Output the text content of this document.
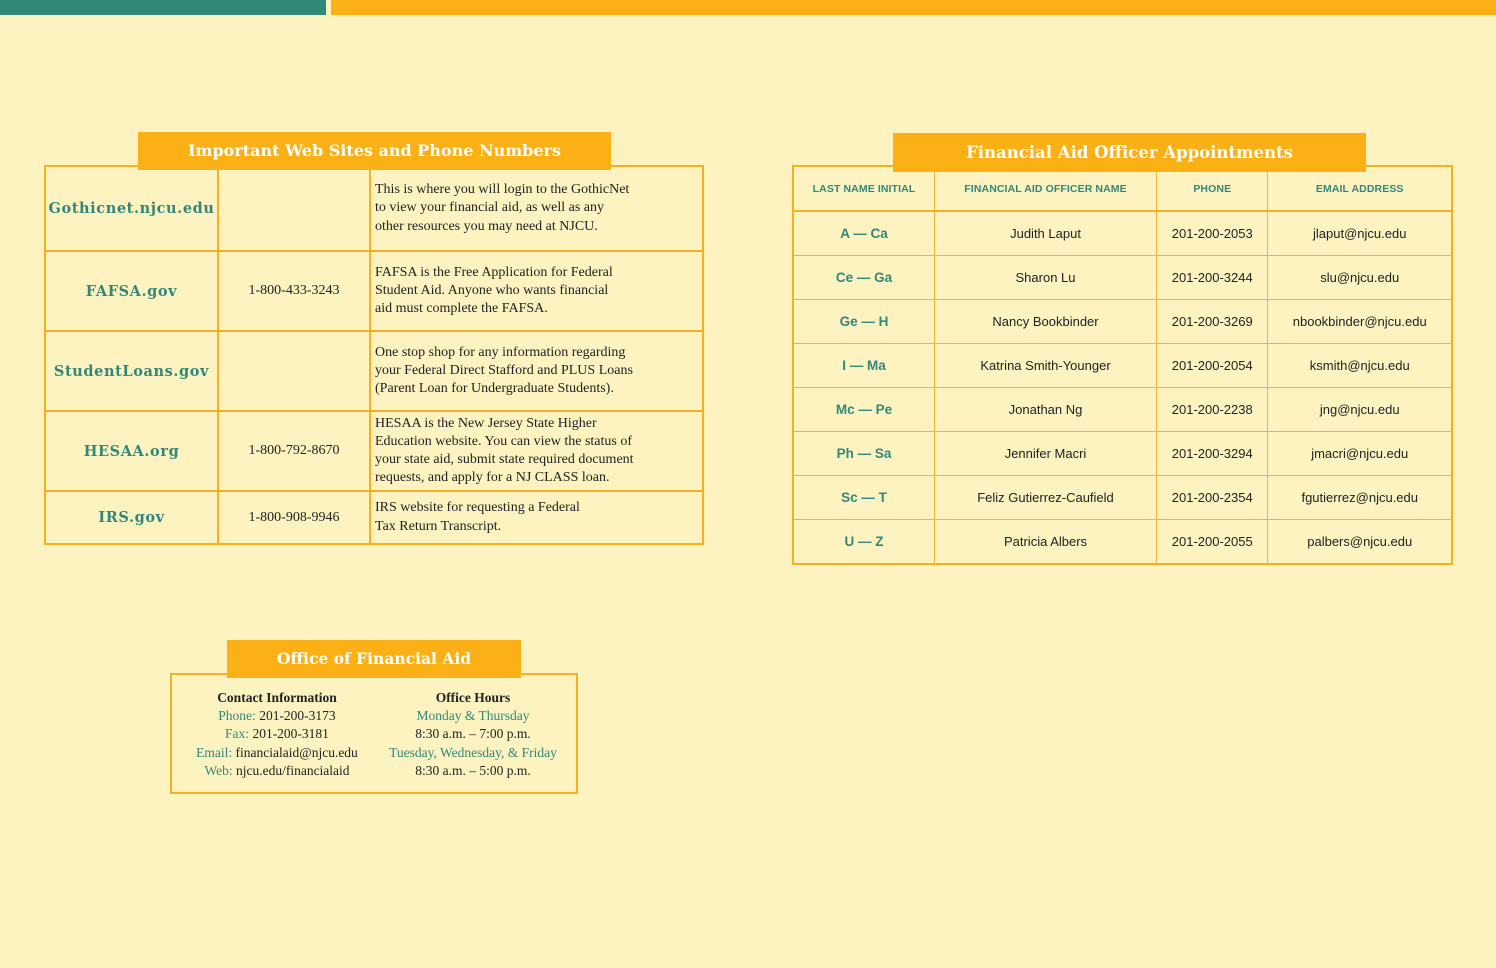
Important Web Sites and Phone Numbers
Gothicnet.njcu.edu		This is where you will login to the GothicNet
to view your financial aid, as well as any
other resources you may need at NJCU.
FAFSA.gov	1-800-433-3243	FAFSA is the Free Application for Federal
Student Aid. Anyone who wants financial
aid must complete the FAFSA.
StudentLoans.gov		One stop shop for any information regarding
your Federal Direct Stafford and PLUS Loans
(Parent Loan for Undergraduate Students).
HESAA.org	1-800-792-8670	HESAA is the New Jersey State Higher
Education website. You can view the status of
your state aid, submit state required document
requests, and apply for a NJ CLASS loan.
IRS.gov	1-800-908-9946	IRS website for requesting a Federal
Tax Return Transcript.
LAST NAME INITIAL	FINANCIAL AID OFFICER NAME	PHONE	EMAIL ADDRESS
A — Ca	Judith Laput	201-200-2053	jlaput@njcu.edu
Ce — Ga	Sharon Lu	201-200-3244	slu@njcu.edu
Ge — H	Nancy Bookbinder	201-200-3269	nbookbinder@njcu.edu
I — Ma	Katrina Smith-Younger	201-200-2054	ksmith@njcu.edu
Mc — Pe	Jonathan Ng	201-200-2238	jng@njcu.edu
Ph — Sa	Jennifer Macri	201-200-3294	jmacri@njcu.edu
Sc — T	Feliz Gutierrez-Caufield	201-200-2354	fgutierrez@njcu.edu
U — Z	Patricia Albers	201-200-2055	palbers@njcu.edu
Financial Aid Officer Appointments
Contact Information
Phone: 201-200-3173
Fax: 201-200-3181
Email: financialaid@njcu.edu
Web: njcu.edu/financialaid
Office Hours
Monday & Thursday
8:30 a.m. – 7:00 p.m.
Tuesday, Wednesday, & Friday
8:30 a.m. – 5:00 p.m.
Office of Financial Aid
